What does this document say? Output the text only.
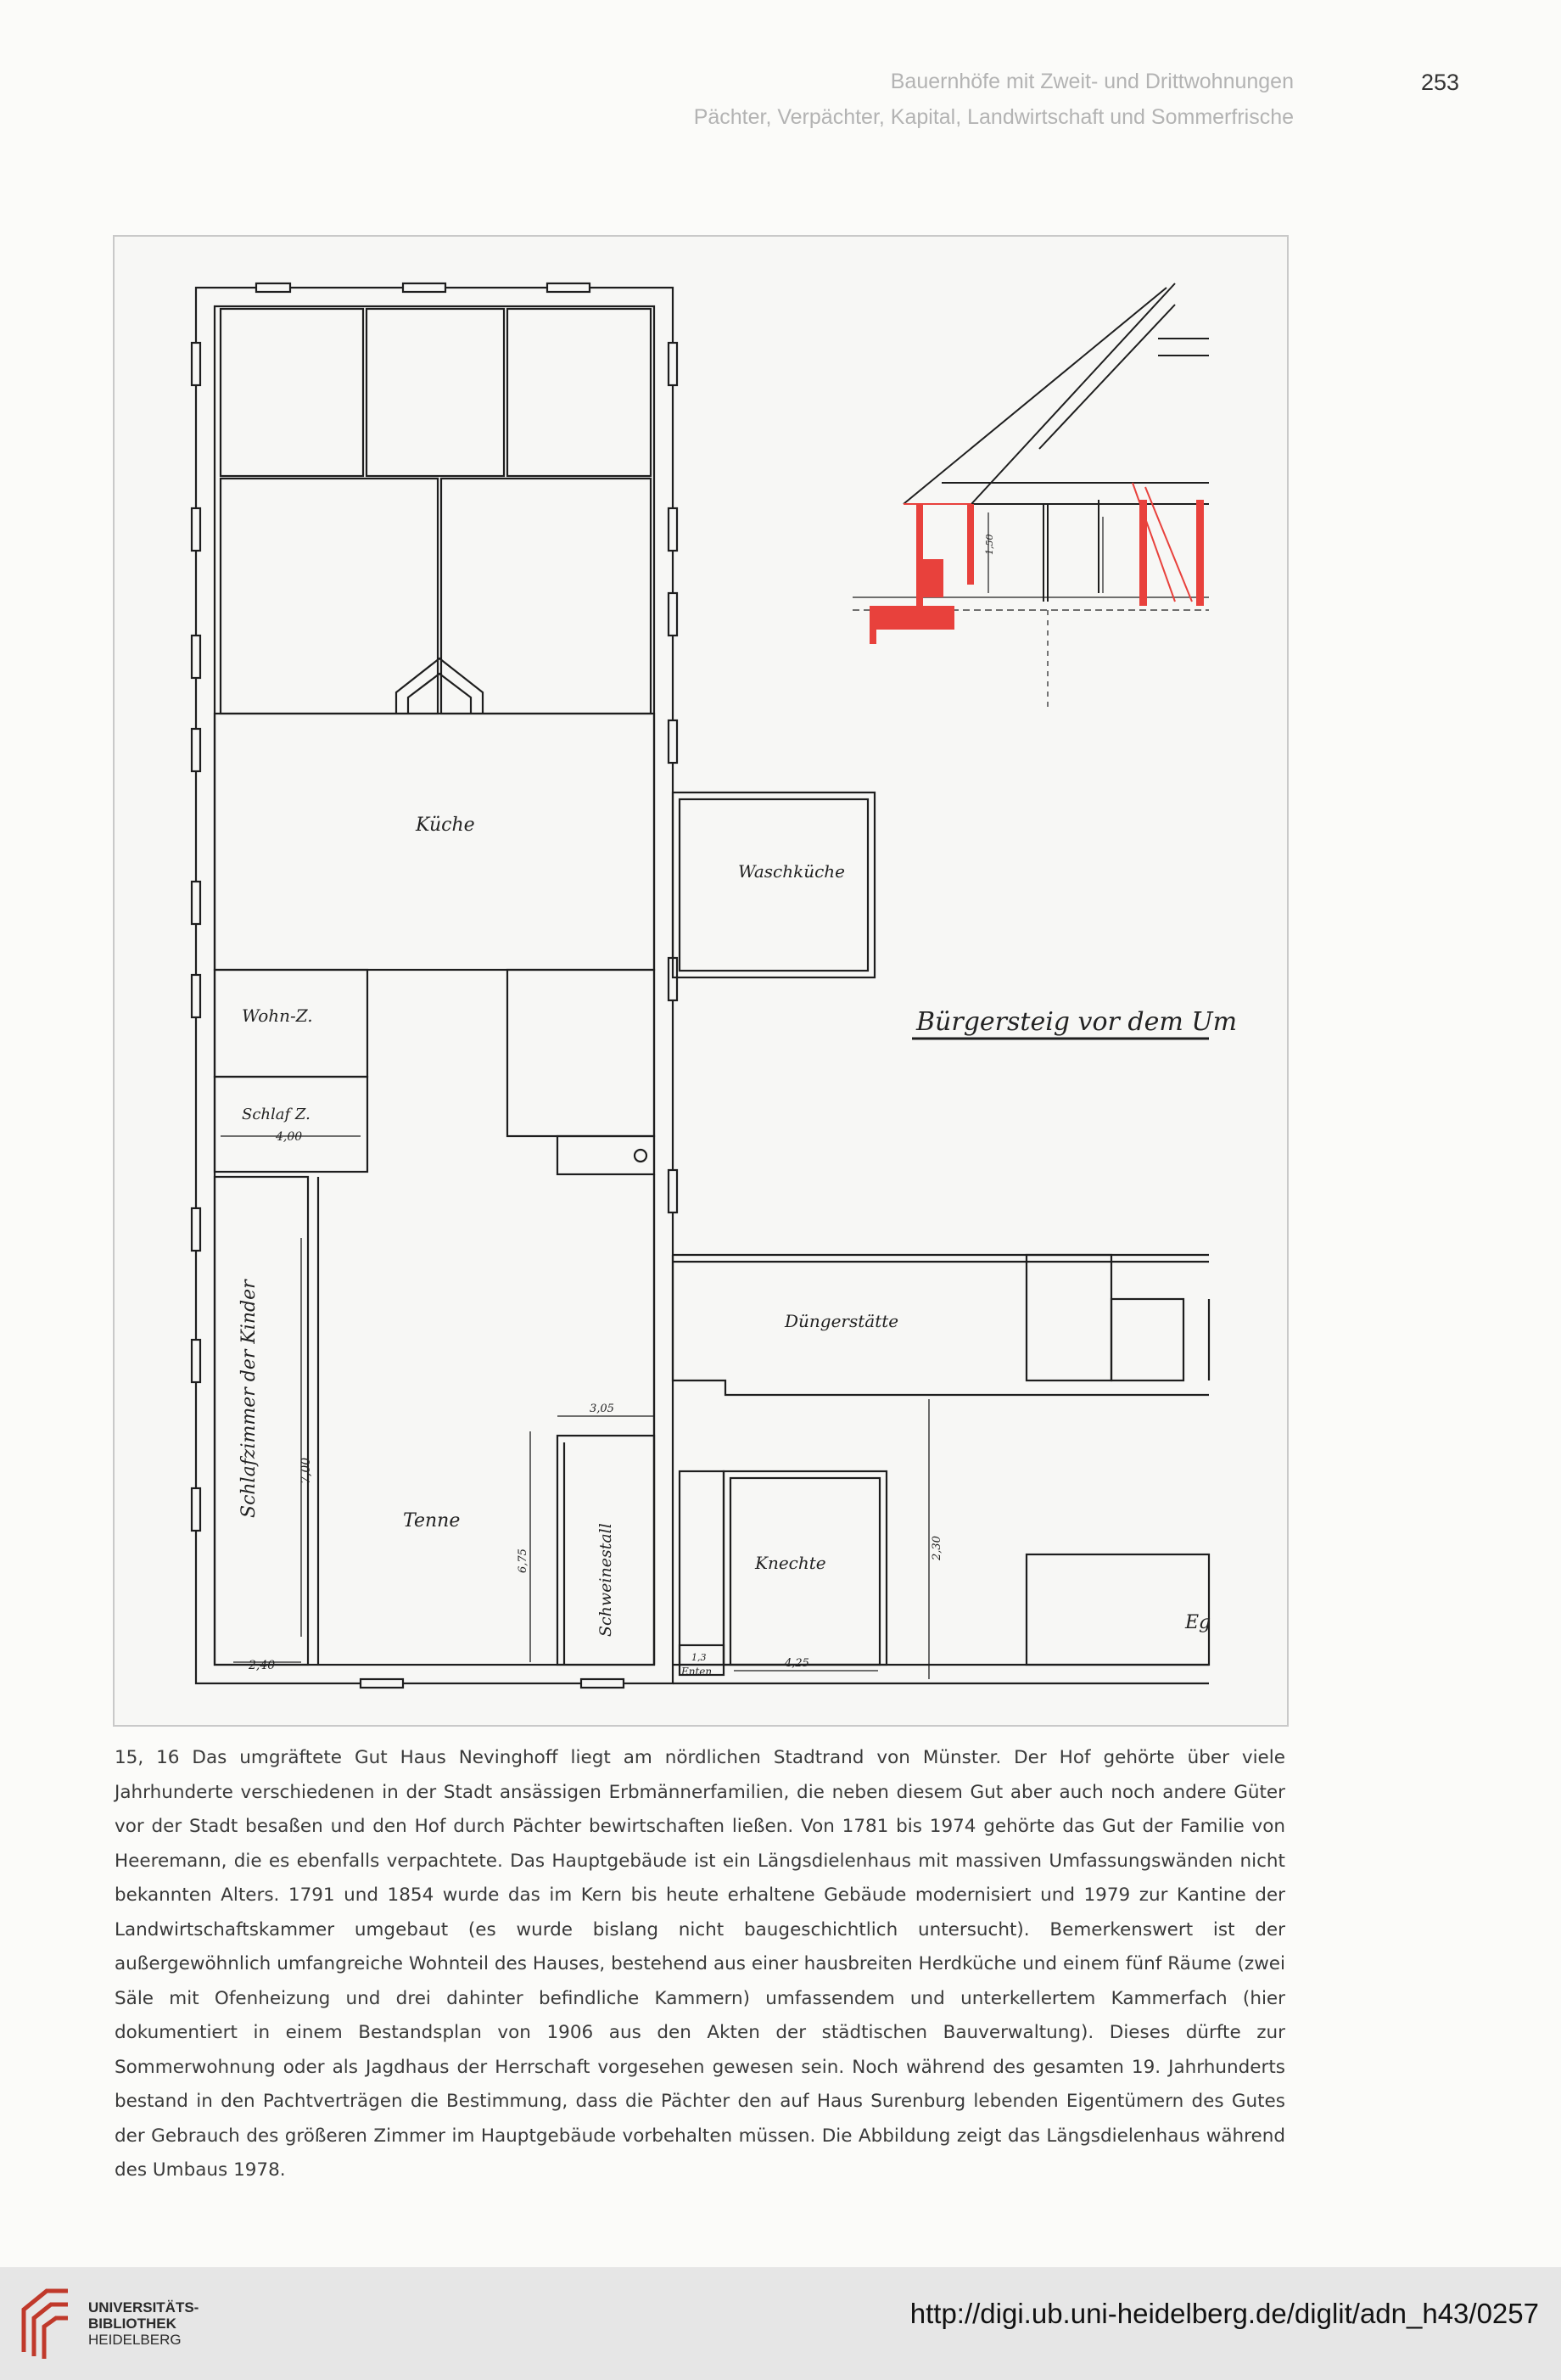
Bauernhöfe mit Zweit- und Drittwohnungen
Pächter, Verpächter, Kapital, Landwirtschaft und Sommerfrische
253
Küche
Waschküche
Wohn-Z.
Schlaf Z.
4,00
Schlafzimmer der Kinder	7,00
2,40
Tenne
6,75	Schweinestall
3,05
Düngerstätte
Knechte
2,30
4,25
Enten
1,3
Bürgersteig vor dem Um
1,50
Eg
15, 16 Das umgräftete Gut Haus Nevinghoff liegt am nördlichen Stadtrand von Münster. Der Hof gehörte über viele Jahrhunderte verschiedenen in der Stadt ansässigen Erbmännerfamilien, die neben diesem Gut aber auch noch andere Güter vor der Stadt besaßen und den Hof durch Pächter bewirtschaften ließen. Von 1781 bis 1974 gehörte das Gut der Familie von Heeremann, die es ebenfalls verpachtete. Das Hauptgebäude ist ein Längsdielenhaus mit massiven Umfassungswänden nicht bekannten Alters. 1791 und 1854 wurde das im Kern bis heute erhaltene Gebäude modernisiert und 1979 zur Kantine der Landwirtschaftskammer umgebaut (es wurde bislang nicht baugeschichtlich untersucht). Bemerkenswert ist der außergewöhnlich umfangreiche Wohnteil des Hauses, bestehend aus einer hausbreiten Herdküche und einem fünf Räume (zwei Säle mit Ofenheizung und drei dahinter befindliche Kammern) umfassendem und unterkellertem Kammerfach (hier dokumentiert in einem Bestandsplan von 1906 aus den Akten der städtischen Bauverwaltung). Dieses dürfte zur Sommerwohnung oder als Jagdhaus der Herrschaft vorgesehen gewesen sein. Noch während des gesamten 19. Jahrhunderts bestand in den Pachtverträgen die Bestimmung, dass die Pächter den auf Haus Surenburg lebenden Eigentümern des Gutes der Gebrauch des größeren Zimmer im Hauptgebäude vorbehalten müssen. Die Abbildung zeigt das Längsdielenhaus während des Umbaus 1978.
UNIVERSITÄTS-
BIBLIOTHEK
HEIDELBERG
http://digi.ub.uni-heidelberg.de/diglit/adn_h43/0257
